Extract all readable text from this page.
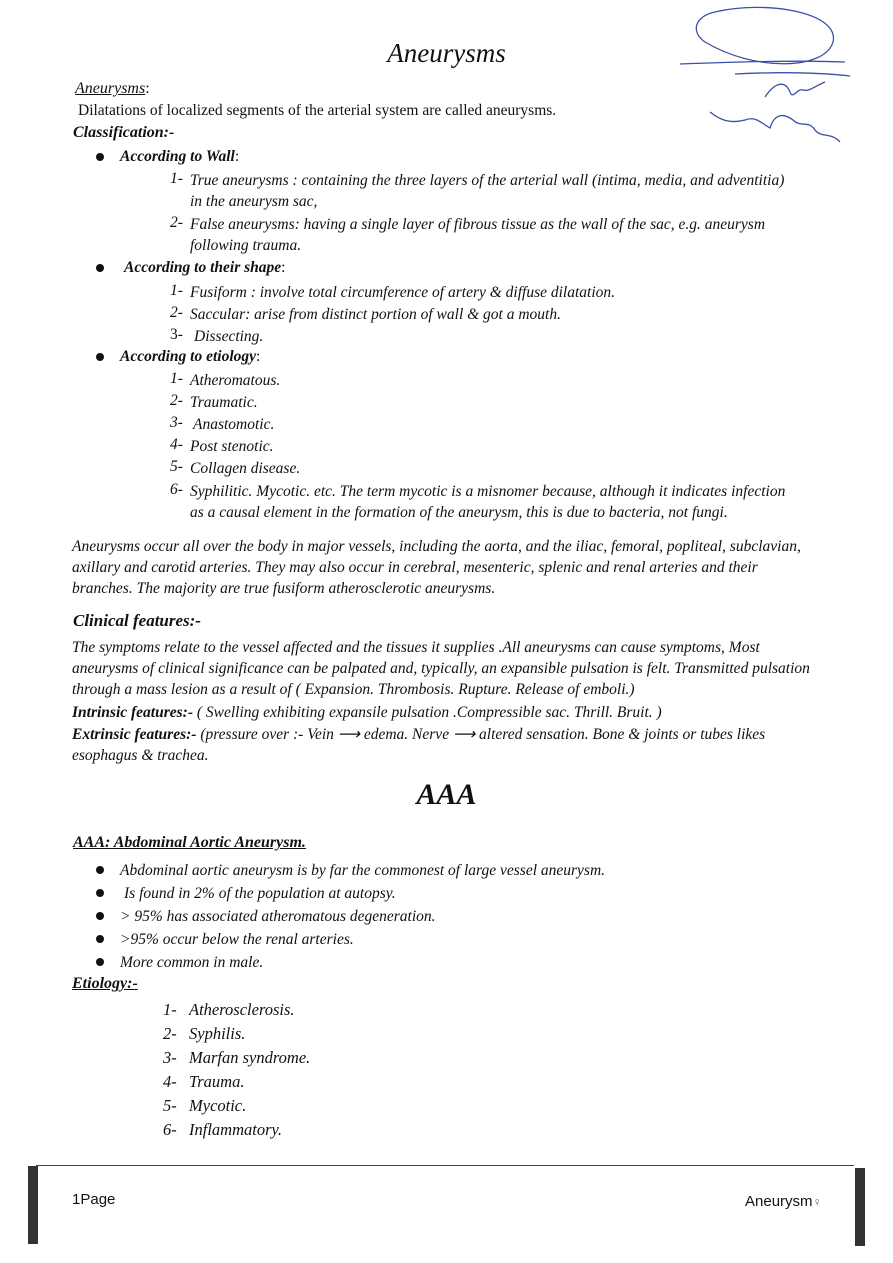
Aneurysms
Aneurysms:
Dilatations of localized segments of the arterial system are called aneurysms.
Classification:-
According to Wall:
1- True aneurysms : containing the three layers of the arterial wall (intima, media, and adventitia)
in the aneurysm sac,
2- False aneurysms: having a single layer of fibrous tissue as the wall of the sac, e.g. aneurysm
following trauma.
According to their shape:
1- Fusiform : involve total circumference of artery & diffuse dilatation.
2- Saccular: arise from distinct portion of wall & got a mouth.
3- Dissecting.
According to etiology:
1- Atheromatous.
2- Traumatic.
3- Anastomotic.
4- Post stenotic.
5- Collagen disease.
6- Syphilitic. Mycotic. etc. The term mycotic is a misnomer because, although it indicates infection
as a causal element in the formation of the aneurysm, this is due to bacteria, not fungi.
Aneurysms occur all over the body in major vessels, including the aorta, and the iliac, femoral, popliteal, subclavian,
axillary and carotid arteries. They may also occur in cerebral, mesenteric, splenic and renal arteries and their
branches. The majority are true fusiform atherosclerotic aneurysms.
Clinical features:-
The symptoms relate to the vessel affected and the tissues it supplies .All aneurysms can cause symptoms, Most
aneurysms of clinical significance can be palpated and, typically, an expansible pulsation is felt. Transmitted pulsation
through a mass lesion as a result of ( Expansion. Thrombosis. Rupture. Release of emboli.)
Intrinsic features:- ( Swelling exhibiting expansile pulsation .Compressible sac. Thrill. Bruit. )
Extrinsic features:- (pressure over :- Vein ⟶ edema. Nerve ⟶ altered sensation. Bone & joints or tubes likes
esophagus & trachea.
AAA
AAA: Abdominal Aortic Aneurysm.
Abdominal aortic aneurysm is by far the commonest of large vessel aneurysm.
Is found in 2% of the population at autopsy.
> 95% has associated atheromatous degeneration.
>95% occur below the renal arteries.
More common in male.
Etiology:-
1- Atherosclerosis.
2- Syphilis.
3- Marfan syndrome.
4- Trauma.
5- Mycotic.
6- Inflammatory.
1Page	Aneurysm♀
